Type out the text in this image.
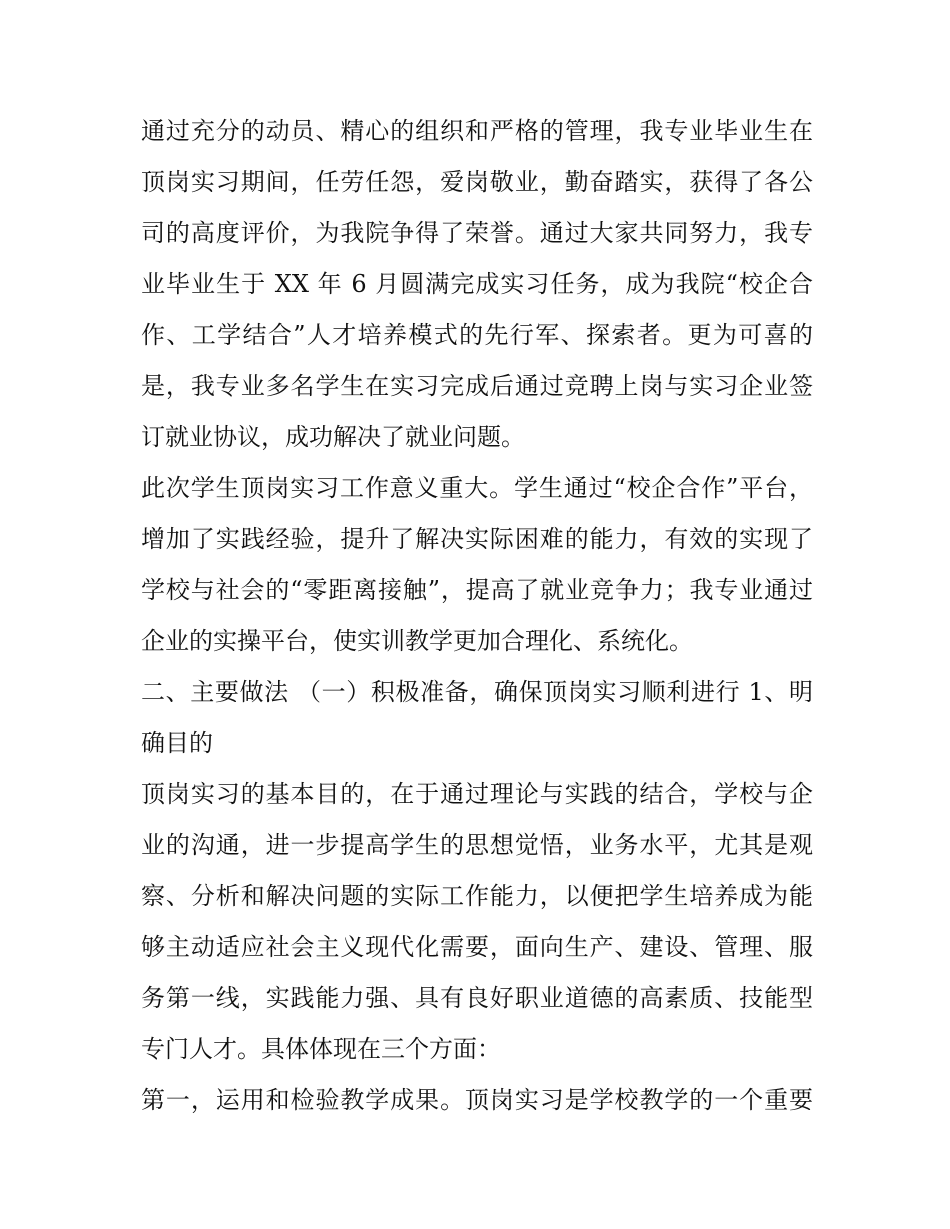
通过充分的动员、精心的组织和严格的管理，我专业毕业生在
顶岗实习期间，任劳任怨，爱岗敬业，勤奋踏实，获得了各公
司的高度评价，为我院争得了荣誉。通过大家共同努力，我专
业毕业生于 XX 年 6 月圆满完成实习任务，成为我院“校企合
作、工学结合”人才培养模式的先行军、探索者。更为可喜的
是，我专业多名学生在实习完成后通过竞聘上岗与实习企业签
订就业协议，成功解决了就业问题。
此次学生顶岗实习工作意义重大。学生通过“校企合作”平台，
增加了实践经验，提升了解决实际困难的能力，有效的实现了
学校与社会的“零距离接触”，提高了就业竞争力；我专业通过
企业的实操平台，使实训教学更加合理化、系统化。
二、主要做法 （一）积极准备，确保顶岗实习顺利进行 1、明
确目的
顶岗实习的基本目的，在于通过理论与实践的结合，学校与企
业的沟通，进一步提高学生的思想觉悟，业务水平，尤其是观
察、分析和解决问题的实际工作能力，以便把学生培养成为能
够主动适应社会主义现代化需要，面向生产、建设、管理、服
务第一线，实践能力强、具有良好职业道德的高素质、技能型
专门人才。具体体现在三个方面：
第一，运用和检验教学成果。顶岗实习是学校教学的一个重要
